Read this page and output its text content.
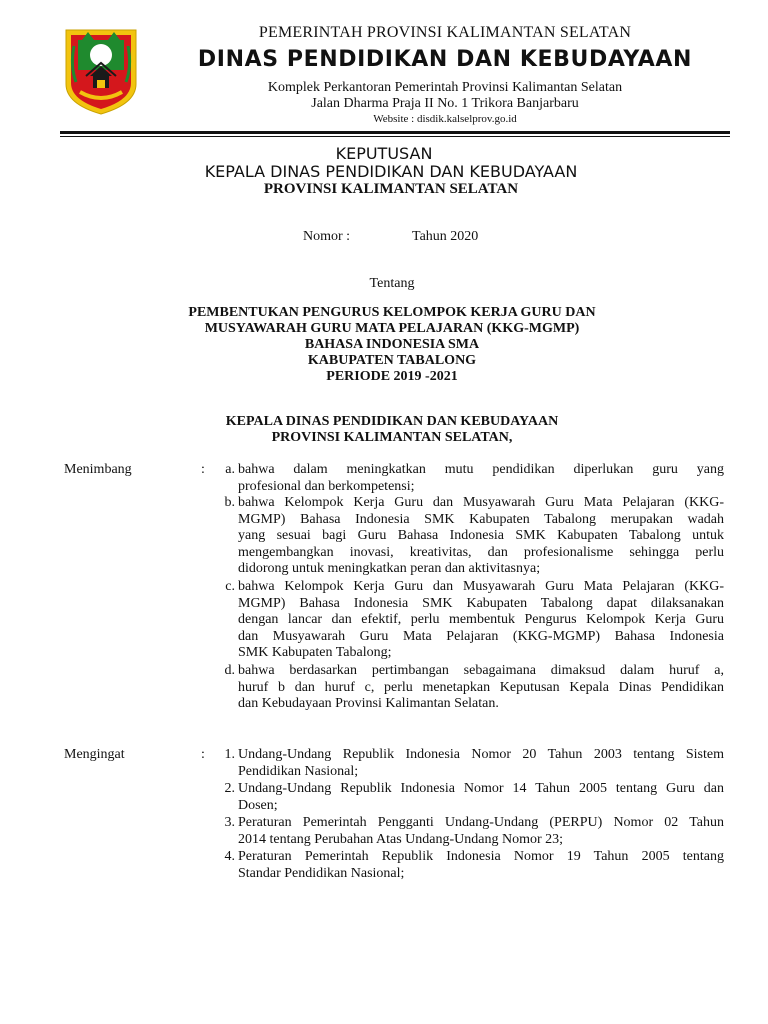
PEMERINTAH PROVINSI KALIMANTAN SELATAN
DINAS PENDIDIKAN DAN KEBUDAYAAN
Komplek Perkantoran Pemerintah Provinsi Kalimantan Selatan
Jalan Dharma Praja II No. 1 Trikora Banjarbaru
Website : disdik.kalselprov.go.id
KEPUTUSAN
KEPALA DINAS PENDIDIKAN DAN KEBUDAYAAN
PROVINSI KALIMANTAN SELATAN
Nomor :	Tahun 2020
Tentang
PEMBENTUKAN PENGURUS KELOMPOK KERJA GURU DAN
MUSYAWARAH GURU MATA PELAJARAN (KKG-MGMP)
BAHASA INDONESIA SMA
KABUPATEN TABALONG
PERIODE 2019 -2021
KEPALA DINAS PENDIDIKAN DAN KEBUDAYAAN
PROVINSI KALIMANTAN SELATAN,
Menimbang	:	a. bahwa dalam meningkatkan mutu pendidikan diperlukan guru yang
profesional dan berkompetensi;
b. bahwa Kelompok Kerja Guru dan Musyawarah Guru Mata Pelajaran (KKG-
MGMP) Bahasa Indonesia SMK Kabupaten Tabalong merupakan wadah
yang sesuai bagi Guru Bahasa Indonesia SMK Kabupaten Tabalong untuk
mengembangkan inovasi, kreativitas, dan profesionalisme sehingga perlu
didorong untuk meningkatkan peran dan aktivitasnya;
c. bahwa Kelompok Kerja Guru dan Musyawarah Guru Mata Pelajaran (KKG-
MGMP) Bahasa Indonesia SMK Kabupaten Tabalong dapat dilaksanakan
dengan lancar dan efektif, perlu membentuk Pengurus Kelompok Kerja Guru
dan Musyawarah Guru Mata Pelajaran (KKG-MGMP) Bahasa Indonesia
SMK Kabupaten Tabalong;
d. bahwa berdasarkan pertimbangan sebagaimana dimaksud dalam huruf a,
huruf b dan huruf c, perlu menetapkan Keputusan Kepala Dinas Pendidikan
dan Kebudayaan Provinsi Kalimantan Selatan.
Mengingat	:	1. Undang-Undang Republik Indonesia Nomor 20 Tahun 2003 tentang Sistem
Pendidikan Nasional;
2. Undang-Undang Republik Indonesia Nomor 14 Tahun 2005 tentang Guru dan
Dosen;
3. Peraturan Pemerintah Pengganti Undang-Undang (PERPU) Nomor 02 Tahun
2014 tentang Perubahan Atas Undang-Undang Nomor 23;
4. Peraturan Pemerintah Republik Indonesia Nomor 19 Tahun 2005 tentang
Standar Pendidikan Nasional;
